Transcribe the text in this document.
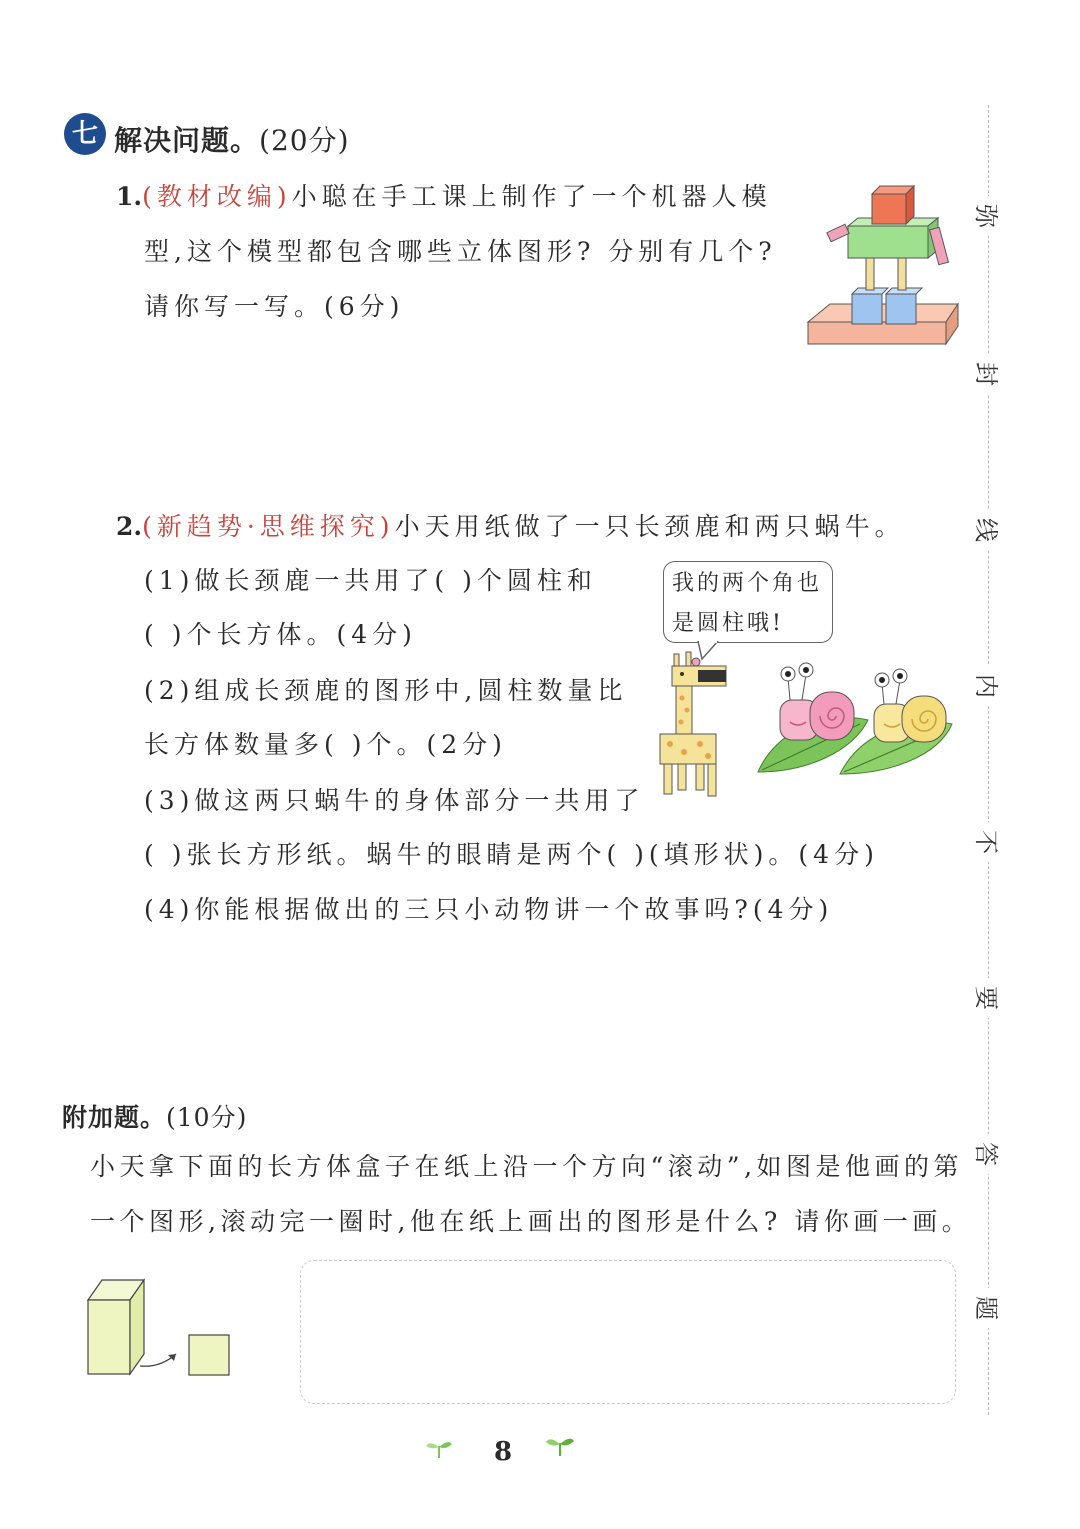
七 解决问题。(20分)
1.(教材改编)小聪在手工课上制作了一个机器人模
型,这个模型都包含哪些立体图形? 分别有几个?
请你写一写。(6分)
2.(新趋势·思维探究)小天用纸做了一只长颈鹿和两只蜗牛。
(1)做长颈鹿一共用了( )个圆柱和
( )个长方体。(4分)
(2)组成长颈鹿的图形中,圆柱数量比
长方体数量多( )个。(2分)
(3)做这两只蜗牛的身体部分一共用了
( )张长方形纸。蜗牛的眼睛是两个( )(填形状)。(4分)
(4)你能根据做出的三只小动物讲一个故事吗?(4分)
我的两个角也
是圆柱哦!
附加题。(10分)
小天拿下面的长方体盒子在纸上沿一个方向“滚动”,如图是他画的第
一个图形,滚动完一圈时,他在纸上画出的图形是什么? 请你画一画。
弥
封
线
内
不
要
答
题
8
